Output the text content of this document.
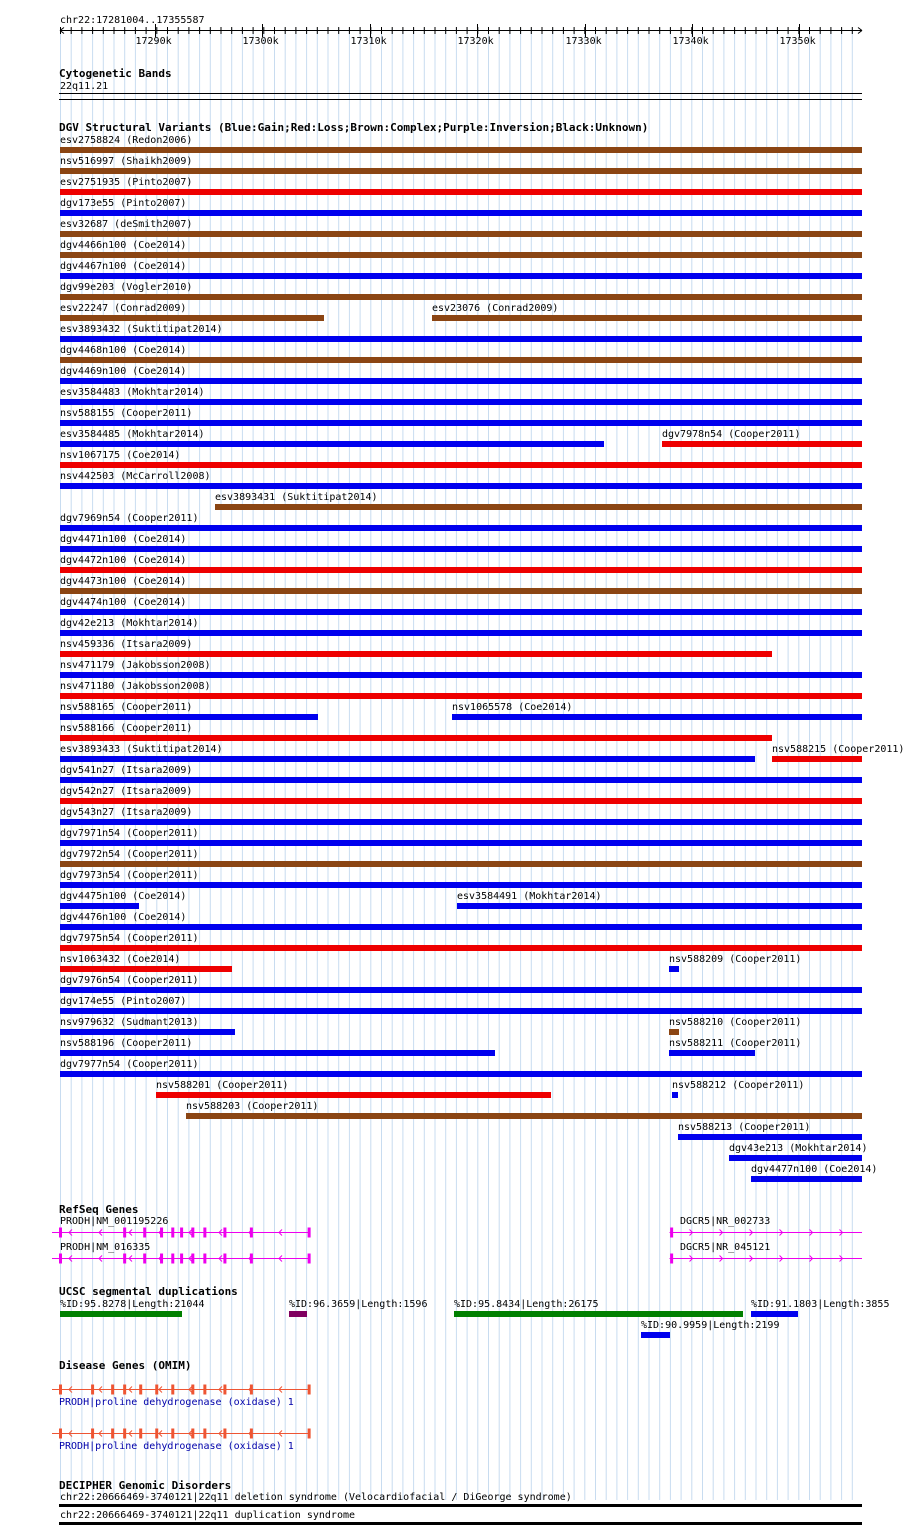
17290k	17300k	17310k	17320k	17330k	17340k	17350k
chr22:17281004..17355587
Cytogenetic Bands
22q11.21
DGV Structural Variants (Blue:Gain;Red:Loss;Brown:Complex;Purple:Inversion;Black:Unknown)
esv2758824 (Redon2006)
nsv516997 (Shaikh2009)
esv2751935 (Pinto2007)
dgv173e55 (Pinto2007)
esv32687 (deSmith2007)
dgv4466n100 (Coe2014)
dgv4467n100 (Coe2014)
dgv99e203 (Vogler2010)
esv22247 (Conrad2009)	esv23076 (Conrad2009)
esv3893432 (Suktitipat2014)
dgv4468n100 (Coe2014)
dgv4469n100 (Coe2014)
esv3584483 (Mokhtar2014)
nsv588155 (Cooper2011)
esv3584485 (Mokhtar2014)	dgv7978n54 (Cooper2011)
nsv1067175 (Coe2014)
nsv442503 (McCarroll2008)
esv3893431 (Suktitipat2014)
dgv7969n54 (Cooper2011)
dgv4471n100 (Coe2014)
dgv4472n100 (Coe2014)
dgv4473n100 (Coe2014)
dgv4474n100 (Coe2014)
dgv42e213 (Mokhtar2014)
nsv459336 (Itsara2009)
nsv471179 (Jakobsson2008)
nsv471180 (Jakobsson2008)
nsv588165 (Cooper2011)	nsv1065578 (Coe2014)
nsv588166 (Cooper2011)
esv3893433 (Suktitipat2014)	nsv588215 (Cooper2011)
dgv541n27 (Itsara2009)
dgv542n27 (Itsara2009)
dgv543n27 (Itsara2009)
dgv7971n54 (Cooper2011)
dgv7972n54 (Cooper2011)
dgv7973n54 (Cooper2011)
dgv4475n100 (Coe2014)	esv3584491 (Mokhtar2014)
dgv4476n100 (Coe2014)
dgv7975n54 (Cooper2011)
nsv1063432 (Coe2014)	nsv588209 (Cooper2011)
dgv7976n54 (Cooper2011)
dgv174e55 (Pinto2007)
nsv979632 (Sudmant2013)	nsv588210 (Cooper2011)
nsv588196 (Cooper2011)	nsv588211 (Cooper2011)
dgv7977n54 (Cooper2011)
nsv588201 (Cooper2011)	nsv588212 (Cooper2011)
nsv588203 (Cooper2011)
nsv588213 (Cooper2011)
dgv43e213 (Mokhtar2014)
dgv4477n100 (Coe2014)
RefSeq Genes
PRODH|NM_001195226
PRODH|NM_016335
DGCR5|NR_002733
DGCR5|NR_045121
UCSC segmental duplications
%ID:95.8278|Length:21044	%ID:96.3659|Length:1596	%ID:95.8434|Length:26175	%ID:91.1803|Length:3855
%ID:90.9959|Length:2199
Disease Genes (OMIM)
PRODH|proline dehydrogenase (oxidase) 1
PRODH|proline dehydrogenase (oxidase) 1
DECIPHER Genomic Disorders
chr22:20666469-3740121|22q11 deletion syndrome (Velocardiofacial / DiGeorge syndrome)
chr22:20666469-3740121|22q11 duplication syndrome
